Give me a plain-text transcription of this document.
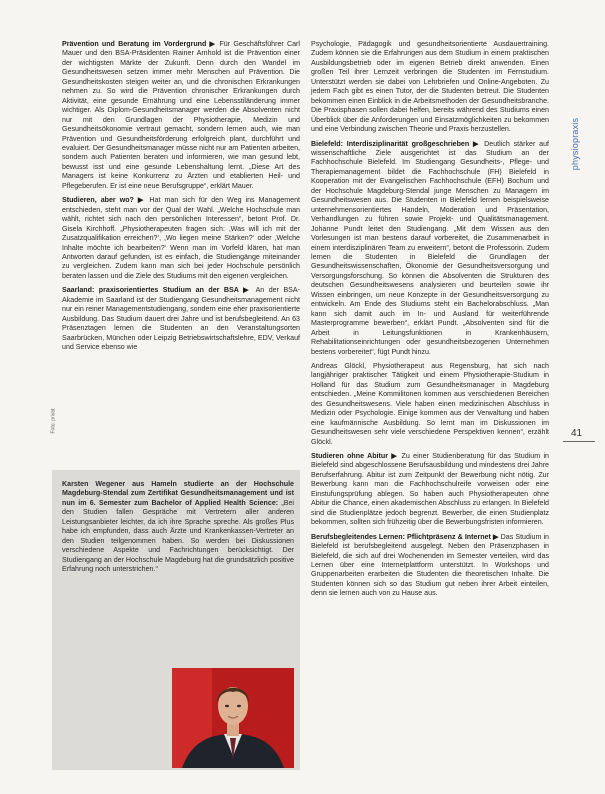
Prävention und Beratung im Vordergrund ▶ Für Geschäftsführer Carl Mauer und den BSA-Präsidenten Rainer Arnhold ist die Prävention einer der wichtigsten Märkte der Zukunft. Denn durch den Wandel im Gesundheitswesen setzen immer mehr Menschen auf Prävention. Die Gesundheitskosten steigen weiter an, und die chronischen Erkrankungen nehmen zu. So wird die Prävention chronischer Erkrankungen durch Aktivität, eine gesunde Ernährung und eine Lebensstiländerung immer wichtiger. Als Diplom-Gesundheitsmanager werden die Absolventen nicht nur mit den Grundlagen der Physiotherapie, Medizin und Gesundheitsökonomie vertraut gemacht, sondern lernen auch, wie man Prävention und Gesundheitsförderung erfolgreich plant, durchführt und evaluiert. Der Gesundheitsmanager müsse nicht nur am Patienten arbeiten, sondern auch Patienten beraten und informieren, wie man gesund lebt, bewusst isst und eine gesunde Lebenshaltung lernt. „Diese Art des Managers ist keine Konkurrenz zu Ärzten und etablierten Heil- und Pflegeberufen. Er ist eine neue Berufsgruppe“, erklärt Mauer.

Studieren, aber wo? ▶ Hat man sich für den Weg ins Management entschieden, steht man vor der Qual der Wahl. „Welche Hochschule man wählt, richtet sich nach den persönlichen Interessen“, betont Prof. Dr. Gisela Kirchhoff. „Physiotherapeuten fragen sich: ‚Was will ich mit der Zusatzqualifikation erreichen?‘, ‚Wo liegen meine Stärken?‘ oder ‚Welche Inhalte möchte ich bearbeiten?‘ Wenn man im Vorfeld klären, hat man Antworten darauf gefunden, ist es einfach, die Studiengänge miteinander zu vergleichen. Zudem kann man sich bei jeder Hochschule persönlich beraten lassen und die Ziele des Studiums mit den eigenen vergleichen.

Saarland: praxisorientiertes Studium an der BSA ▶ An der BSA-Akademie im Saarland ist der Studiengang Gesundheitsmanagement nicht nur ein reiner Managementstudiengang, sondern eine eher praxisorientierte Ausbildung. Das Studium dauert drei Jahre und ist berufsbegleitend. An 63 Präsenztagen lernen die Studenten an den Veranstaltungsorten Saarbrücken, München oder Leipzig Betriebswirtschaftslehre, EDV, Verkauf und Service ebenso wie

Psychologie, Pädagogik und gesundheitsorientierte Ausdauertraining. Zudem können sie die Erfahrungen aus dem Studium in einem praktischen Ausbildungsbetrieb oder im eigenen Betrieb direkt anwenden. Einen großen Teil ihrer Lernzeit verbringen die Studenten im Fernstudium. Unterstützt werden sie dabei von Lehrbriefen und Online-Angeboten. Zu jedem Fach gibt es einen Tutor, der die Studenten betreut. Die Studenten bekommen einen Einblick in die Arbeitsmethoden der Gesundheitsbranche. Die Praxisphasen sollen dabei helfen, bereits während des Studiums einen Überblick über die Anforderungen und Einsatzmöglichkeiten zu bekommen und eine Verbindung zwischen Theorie und Praxis herzustellen.

Bielefeld: Interdisziplinarität großgeschrieben ▶ Deutlich stärker auf wissenschaftliche Ziele ausgerichtet ist das Studium an der Fachhochschule Bielefeld. Im Studiengang Gesundheits-, Pflege- und Therapiemanagement bildet die Fachhochschule (FH) Bielefeld in Kooperation mit der Evangelischen Fachhochschule (EFH) Bochum und der Hochschule Magdeburg-Stendal junge Menschen zu Managern im Gesundheitswesen aus. Die Studenten in Bielefeld lernen beispielsweise unternehmensorientiertes Handeln, Moderation und Präsentation, Verhandlungen zu führen sowie Projekt- und Qualitätsmanagement. Johanne Pundt leitet den Studiengang. „Mit dem Wissen aus den Vorlesungen ist man bestens darauf vorbereitet, die Zusammenarbeit in einem interdisziplinären Team zu erweitern“, betont die Professorin. Zudem lernen die Studenten in Bielefeld die Grundlagen der Gesundheitswissenschaften, Ökonomie der Gesundheitsversorgung und Versorgungsforschung. So können die Absolventen die Strukturen des deutschen Gesundheitswesens analysieren und beurteilen sowie ihr Wissen einbringen, um neue Konzepte in der Gesundheitsversorgung zu entwickeln. Am Ende des Studiums steht ein Bachelorabschluss. „Man kann sich damit auch im In- und Ausland für weiterführende Masterprogramme bewerben“, erklärt Pundt. „Absolventen sind für die Arbeit in Leitungsfunktionen in Krankenhäusern, Rehabilitationseinrichtungen oder gesundheitsbezogenen Unternehmen bestens vorbereitet“, fügt Pundt hinzu.

Andreas Glöckl, Physiotherapeut aus Regensburg, hat sich nach langjähriger praktischer Tätigkeit und einem Physiotherapie-Studium in Holland für das Studium zum Gesundheitsmanager in Magdeburg entschieden. „Meine Kommilitonen kommen aus verschiedenen Bereichen des Gesundheitswesens. Viele haben einen medizinischen Abschluss in Medizin oder Psychologie. Einige kommen aus der Verwaltung und haben eine kaufmännische Ausbildung. So lernt man im Diskussionen im Gesundheitswesen sehr viele verschiedene Perspektiven kennen“, erzählt Glöckl.

Studieren ohne Abitur ▶ Zu einer Studienberatung für das Studium in Bielefeld sind abgeschlossene Berufsausbildung und mindestens drei Jahre Berufserfahrung. Abitur ist zum Zeitpunkt der Bewerbung nicht nötig. Zur Bewerbung kann man die Fachhochschulreife vorweisen oder eine Einstufungsprüfung ablegen. So haben auch Physiotherapeuten ohne Abitur die Chance, einen akademischen Abschluss zu erlangen. In Bielefeld sind die Studienplätze jedoch begrenzt. Bewerber, die einen Studienplatz bekommen, sollten sich frühzeitig über die Bewerbungsfristen informieren.

Berufsbegleitendes Lernen: Pflichtpräsenz & Internet ▶ Das Studium in Bielefeld ist berufsbegleitend ausgelegt. Neben den Präsenzphasen in Bielefeld, die sich auf drei Wochenenden im Semester verteilen, wird das Lernen über eine Internetplattform unterstützt. In Workshops und Gruppenarbeiten erarbeiten die Studenten die theoretischen Inhalte. Die Studenten können sich so das Studium gut neben ihrer Arbeit einteilen, denn sie lernen auch von zu Hause aus.

physiopraxis
41
Foto: privat
Karsten Wegener aus Hameln studierte an der Hochschule Magdeburg-Stendal zum Zertifikat Gesundheitsmanagement und ist nun im 6. Semester zum Bachelor of Applied Health Science: „Bei den Studien fallen Gespräche mit Vertretern aller anderen Leistungsanbieter leichter, da ich ihre Sprache spreche. Als großes Plus habe ich empfunden, dass auch Ärzte und Krankenkassen-Vertreter an den Studien teilgenommen haben. So werden bei Diskussionen verschiedene Aspekte und Fachrichtungen berücksichtigt. Der Studiengang an der Hochschule Magdeburg hat die grundsätzlich positive Erfahrung noch unterstrichen.“
